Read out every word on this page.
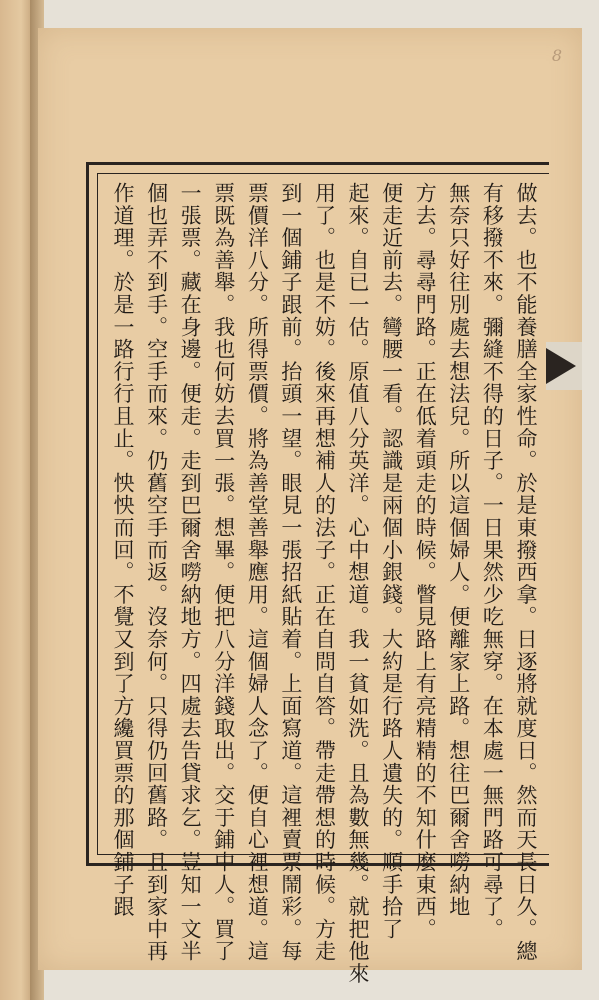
8
做去。也不能養膳全家性命。於是東撥西拿。日逐將就度日。然而天長日久。總
有移撥不來。彌縫不得的日子。一日果然少吃無穿。在本處一無門路可尋了。
無奈只好往別處去想法兒。所以這個婦人。便離家上路。想往巴爾舍嘮納地
方去。尋尋門路。正在低着頭走的時候。瞥見路上有亮精精的不知什麼東西。
便走近前去。彎腰一看。認識是兩個小銀錢。大約是行路人遺失的。順手拾了
起來。自已一估。原值八分英洋。心中想道。我一貧如洗。且為數無幾。就把他來
用了。也是不妨。後來再想補人的法子。正在自問自答。帶走帶想的時候。方走
到一個鋪子跟前。抬頭一望。眼見一張招紙貼着。上面寫道。這裡賣票鬧彩。每
票價洋八分。所得票價。將為善堂善舉應用。這個婦人念了。便自心裡想道。這
票既為善舉。我也何妨去買一張。想畢。便把八分洋錢取出。交于鋪中人。買了
一張票。藏在身邊。便走。走到巴爾舍嘮納地方。四處去告貸求乞。豈知一文半
個也弄不到手。空手而來。仍舊空手而返。沒奈何。只得仍回舊路。且到家中再
作道理。於是一路行行且止。怏怏而回。不覺又到了方纔買票的那個鋪子跟
